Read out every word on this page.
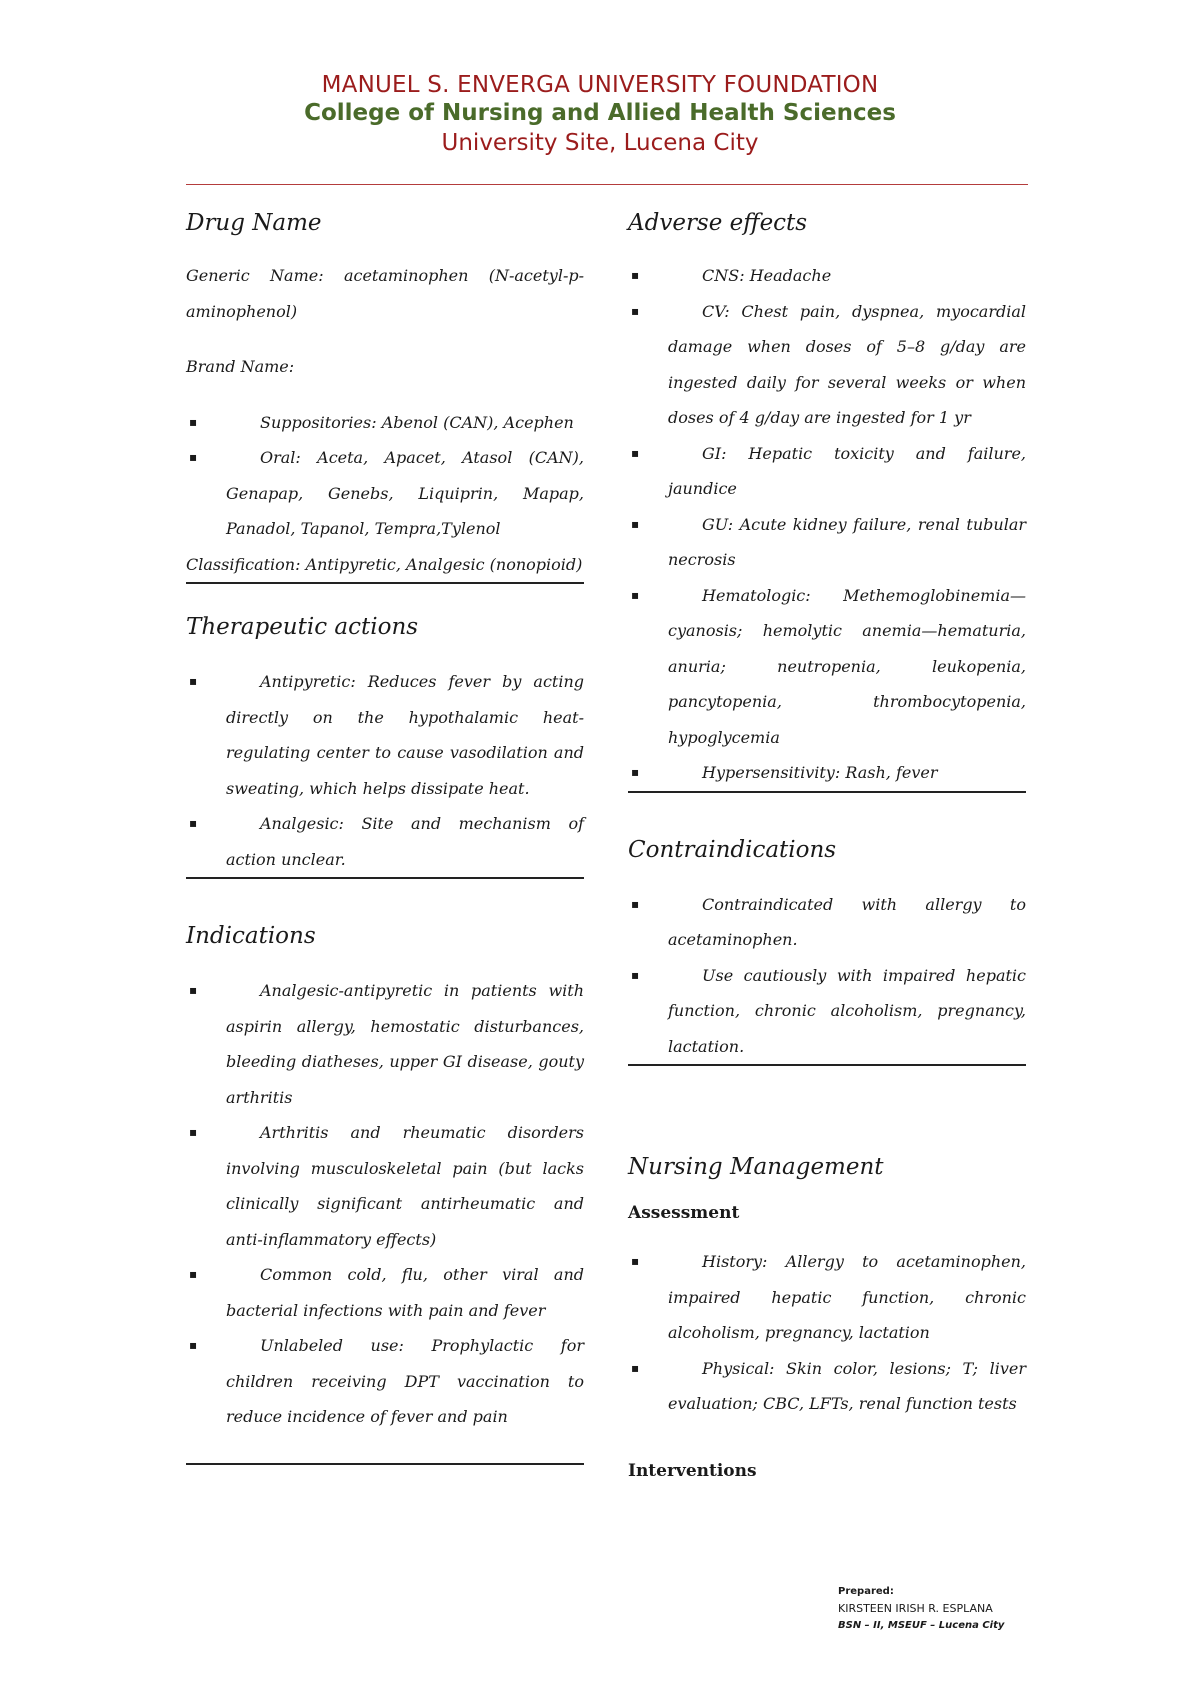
MANUEL S. ENVERGA UNIVERSITY FOUNDATION
College of Nursing and Allied Health Sciences
University Site, Lucena City
Drug Name

Generic Name: acetaminophen (N-acetyl-p-aminophenol)

Brand Name:

▪	Suppositories: Abenol (CAN), Acephen
▪	Oral: Aceta, Apacet, Atasol (CAN), Genapap, Genebs, Liquiprin, Mapap, Panadol, Tapanol, Tempra,Tylenol

Classification: Antipyretic, Analgesic (nonopioid)

Therapeutic actions
▪	Antipyretic: Reduces fever by acting directly on the hypothalamic heat-regulating center to cause vasodilation and sweating, which helps dissipate heat.
▪	Analgesic: Site and mechanism of action unclear.
Indications
▪	Analgesic-antipyretic in patients with aspirin allergy, hemostatic disturbances, bleeding diatheses, upper GI disease, gouty arthritis
▪	Arthritis and rheumatic disorders involving musculoskeletal pain (but lacks clinically significant antirheumatic and anti-inflammatory effects)
▪	Common cold, flu, other viral and bacterial infections with pain and fever
▪	Unlabeled use: Prophylactic for children receiving DPT vaccination to reduce incidence of fever and pain
Adverse effects
▪	CNS: Headache
▪	CV: Chest pain, dyspnea, myocardial damage when doses of 5–8 g/day are ingested daily for several weeks or when doses of 4 g/day are ingested for 1 yr
▪	GI: Hepatic toxicity and failure, jaundice
▪	GU: Acute kidney failure, renal tubular necrosis
▪	Hematologic: Methemoglobinemia—cyanosis; hemolytic anemia—hematuria, anuria; neutropenia, leukopenia, pancytopenia, thrombocytopenia, hypoglycemia
▪	Hypersensitivity: Rash, fever
Contraindications
▪	Contraindicated with allergy to acetaminophen.
▪	Use cautiously with impaired hepatic function, chronic alcoholism, pregnancy, lactation.
Nursing Management
Assessment
▪	History: Allergy to acetaminophen, impaired hepatic function, chronic alcoholism, pregnancy, lactation
▪	Physical: Skin color, lesions; T; liver evaluation; CBC, LFTs, renal function tests
Interventions
Prepared:
KIRSTEEN IRISH R. ESPLANA
BSN – II, MSEUF – Lucena City
